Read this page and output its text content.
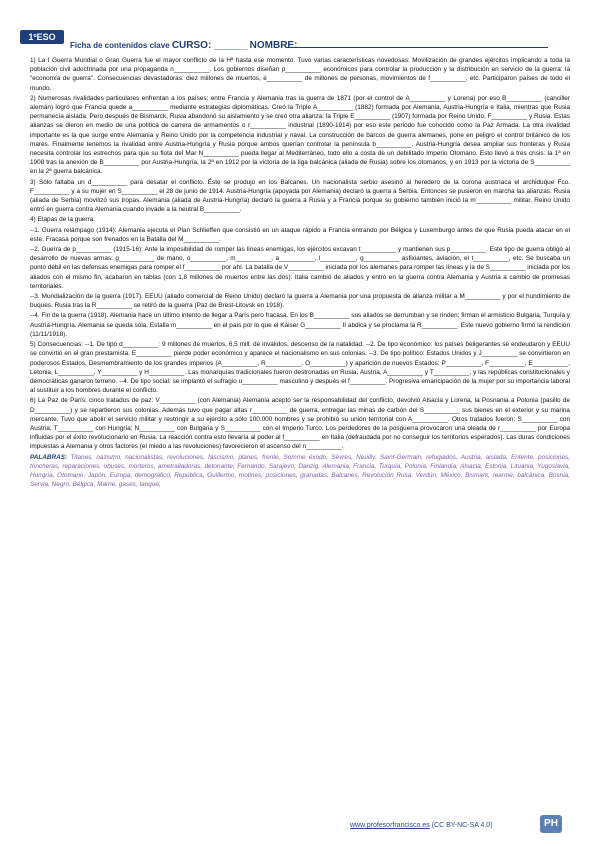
1ºESO
Ficha de contenidos clave CURSO: ______ NOMBRE:

1) La I Guerra Mundial o Gran Guerra fue el mayor conflicto de la Hª hasta ese momento. Tuvo varias características novedosas: Movilización de grandes ejércitos implicando a toda la población civil adoctrinada por una propaganda n__________. Los gobiernos diseñan p__________ económicos para controlar la producción y la distribución en servicio de la guerra: la "economía de guerra". Consecuencias devastadoras: diez millones de muertos, é__________ de millones de personas, movimientos de f__________, etc. Participaron países de todo el mundo.

2) Numerosas rivalidades particulares enfrentan a los países: entre Francia y Alemania tras la guerra de 1871 (por el control de A__________ y Lorena) por eso B__________ (canciller alemán) logró que Francia quede a__________ mediante estrategias diplomáticas. Creó la Triple A__________ (1882) formada por Alemania, Austria-Hungría e Italia, mientras que Rusia permanecía aislada. Pero después de Bismarck, Rusia abandonó su aislamiento y se creó otra alianza: la Triple E__________ (1907) formada por Reino Unido, F__________ y Rusia. Estas alianzas se dieron en medio de una política de carrera de armamentos o r__________ industrial (1890-1914) por eso este periodo fue conocido como la Paz Armada. La otra rivalidad importante es la que surge entre Alemania y Reino Unido por la competencia industrial y naval. La construcción de barcos de guerra alemanes, pone en peligro el control británico de los mares. Finalmente tenemos la rivalidad entre Austria-Hungría y Rusia porque ambos querían controlar la península b__________. Austria-Hungría desea ampliar sus fronteras y Rusia necesita controlar los estrechos para que su flota del Mar N__________ pueda llegar al Mediterráneo, todo ello a costa de un debilitado Imperio Otomano. Esto llevó a tres crisis: la 1ª en 1908 tras la anexión de B__________ por Austria-Hungría, la 2ª en 1912 por la victoria de la liga balcánica (aliada de Rusia) sobre los otomanos, y en 1913 por la victoria de S__________ en la 2ª guerra balcánica.

3) Sólo faltaba un d__________ para desatar el conflicto. Éste se produjo en los Balcanes. Un nacionalista serbio asesinó al heredero de la corona austríaca el archiduque Fco. F__________ y a su mujer en S__________ el 28 de junio de 1914. Austria-Hungría (apoyada por Alemania) declaró la guerra a Serbia. Entonces se pusieron en marcha las alianzas: Rusia (aliada de Serbia) movilizó sus tropas. Alemania (aliada de Austria-Hungría) declaró la guerra a Rusia y a Francia porque su gobierno también inició la m__________ militar. Reino Unido entró en guerra contra Alemania cuando invade a la neutral B__________.

4) Etapas de la guerra:

--1. Guerra relámpago (1914): Alemania ejecuta el Plan Schlieffen que consistió en un ataque rápido a Francia entrando por Bélgica y Luxemburgo antes de que Rusia pueda atacar en el este. Fracasa porque son frenados en la Batalla del M__________.

--2. Guerra de p__________ (1915-16): Ante la imposibilidad de romper las líneas enemigas, los ejércitos excavan t__________ y mantienen sus p__________. Este tipo de guerra obligó al desarrollo de nuevas armas: g__________ de mano, o__________, m__________, a__________, l__________, g__________ asfixiantes, aviación, el t__________, etc. Se buscaba un punto débil en las defensas enemigas para romper el f__________ por ahí. La batalla de V__________ iniciada por los alemanes para romper las líneas y la de S__________ iniciada por los aliados con el mismo fin, acabaron en tablas (con 1,8 millones de muertos entre las dos). Italia cambió de aliados y entró en la guerra contra Alemania y Austria a cambio de promesas territoriales.

--3. Mundialización de la guerra (1917). EEUU (aliado comercial de Reino Unido) declaró la guerra a Alemania por una propuesta de alianza militar a M__________ y por el hundimiento de buques. Rusia tras la R__________ se retiró de la guerra (Paz de Brest-Litovsk en 1918).

--4. Fin de la guerra (1918). Alemania hace un último intento de llegar a París pero fracasa. En los B__________ sus aliados se derrumban y se rinden; firman el armisticio Bulgaria, Turquía y Austria-Hungría. Alemania se queda sola. Estalla m__________ en el país por lo que el Káiser G__________ II abdica y se proclama la R__________. Este nuevo gobierno firmó la rendición (11/11/1918).

5) Consecuencias: --1. De tipo d__________: 9 millones de muertos, 6,5 mill. de inválidos, descenso de la natalidad. --2. De tipo económico: los países beligerantes se endeudaron y EEUU se convirtió en el gran prestamista. E__________ pierde poder económico y aparece el nacionalismo en sus colonias. --3. De tipo político: Estados Unidos y J__________ se convirtieron en poderosos Estados. Desmembramiento de los grandes imperios (A__________, R__________, O__________) y aparición de nuevos Estados: P__________, F__________, E__________, Letonia, L__________, Y__________ y H__________. Las monarquías tradicionales fueron destronadas en Rusia, Austria, A__________ y T__________, y las repúblicas constitucionales y democráticas ganaron terreno. --4. De tipo social: se implantó el sufragio u__________ masculino y después el f__________. Progresiva emancipación de la mujer por su importancia laboral al sustituir a los hombres durante el conflicto.

6) La Paz de París: cinco tratados de paz: V__________ (con Alemania) Alemania aceptó ser la responsabilidad del conflicto, devolvió Alsacia y Lorena, la Posnania a Polonia (pasillo de D__________) y se repartieron sus colonias. Además tuvo que pagar altas r__________ de guerra, entregar las minas de carbón del S__________ sus bienes en el exterior y su marina mercante. Tuvo que abolir el servicio militar y restringir a su ejército a sólo 100.000 hombres y se prohibió su unión territorial con A__________. Otros tratados fueron: S__________ con Austria; T__________ con Hungría; N__________ con Bulgaria y S__________ con el Imperio Turco. Los perdedores de la posguerra provocaron una oleada de r__________ por Europa influidas por el éxito revolucionario en Rusia. La reacción contra esto llevaría al poder al f__________ en Italia (defraudada por no conseguir los territorios esperados). Las duras condiciones impuestas a Alemania y otros factores (el miedo a las revoluciones) favorecieron el ascenso del n__________.

PALABRAS: Titanes, nazismo, nacionalistas, revoluciones, fascismo, planes, frente, Somme éxodo, Sèvres, Neuilly, Saint-Germain, refugiados, Austria, aislada, Entente, posiciones, trincheras, reparaciones, obuses, morteros, ametralladoras, detonante, Fernando, Sarajevo, Danzig, Alemania, Francia, Turquía, Polonia, Finlandia, Alsacia, Estonia, Lituania, Yugoslavia, Hungría, Otomano, Japón, Europa, demográfico, República, Guillermo, motines, posiciones, granadas, Balcanes, Revolución Rusa, Verdún, México, Bismark, rearme, balcánica, Bosnia, Servia, Negro, Bélgica, Marne, gases, tanque,

www.profesorfrancisco.es (CC BY-NC-SA 4.0)	PH
